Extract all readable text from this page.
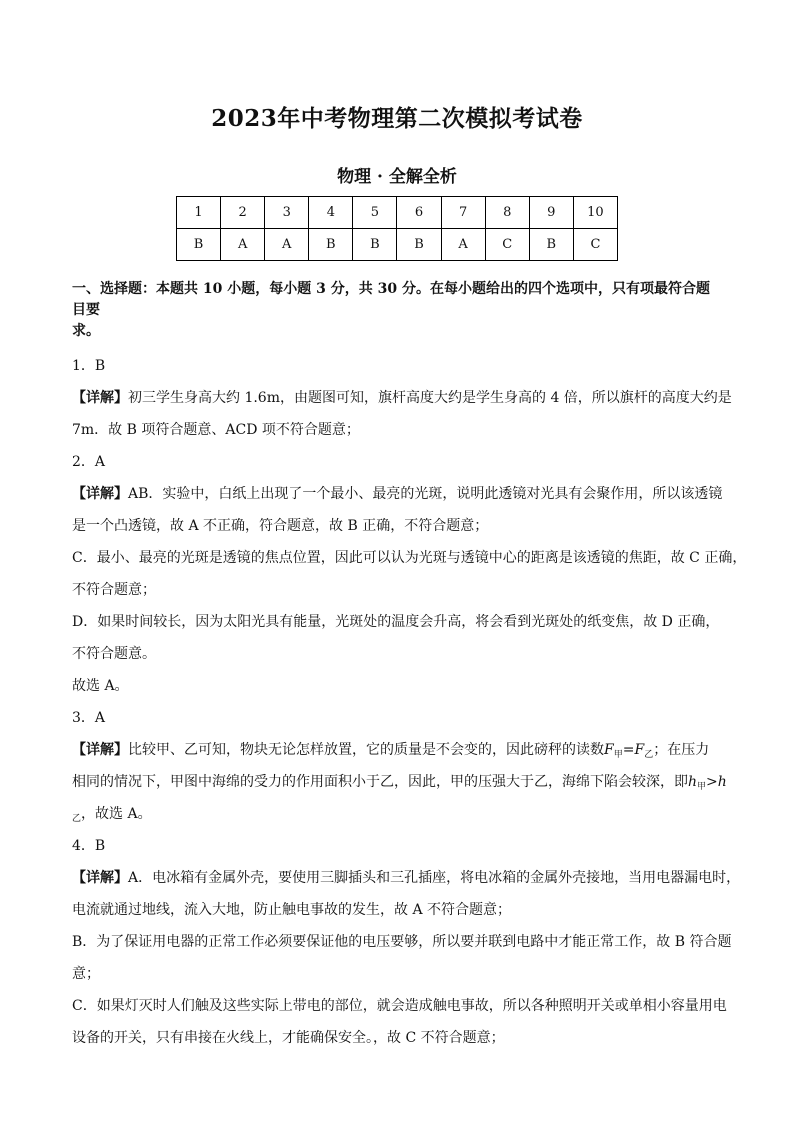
2023年中考物理第二次模拟考试卷
物理 · 全解全析
1	2	3	4	5	6	7	8	9	10
B	A	A	B	B	B	A	C	B	C
一、选择题：本题共 10 小题，每小题 3 分，共 30 分。在每小题给出的四个选项中，只有项最符合题目要
求。
1．B
【详解】初三学生身高大约 1.6m，由题图可知，旗杆高度大约是学生身高的 4 倍，所以旗杆的高度大约是
7m．故 B 项符合题意、ACD 项不符合题意；
2．A
【详解】AB．实验中，白纸上出现了一个最小、最亮的光斑，说明此透镜对光具有会聚作用，所以该透镜
是一个凸透镜，故 A 不正确，符合题意，故 B 正确，不符合题意；
C．最小、最亮的光斑是透镜的焦点位置，因此可以认为光斑与透镜中心的距离是该透镜的焦距，故 C 正确，
不符合题意；
D．如果时间较长，因为太阳光具有能量，光斑处的温度会升高，将会看到光斑处的纸变焦，故 D 正确，
不符合题意。
故选 A。
3．A
【详解】比较甲、乙可知，物块无论怎样放置，它的质量是不会变的，因此磅秤的读数$F_甲=F_乙$；在压力
相同的情况下，甲图中海绵的受力的作用面积小于乙，因此，甲的压强大于乙，海绵下陷会较深，即$h_甲>h$
$_乙$，故选 A。
4．B
【详解】A．电冰箱有金属外壳，要使用三脚插头和三孔插座，将电冰箱的金属外壳接地，当用电器漏电时，
电流就通过地线，流入大地，防止触电事故的发生，故 A 不符合题意；
B．为了保证用电器的正常工作必须要保证他的电压要够，所以要并联到电路中才能正常工作，故 B 符合题
意；
C．如果灯灭时人们触及这些实际上带电的部位，就会造成触电事故，所以各种照明开关或单相小容量用电
设备的开关，只有串接在火线上，才能确保安全。，故 C 不符合题意；
